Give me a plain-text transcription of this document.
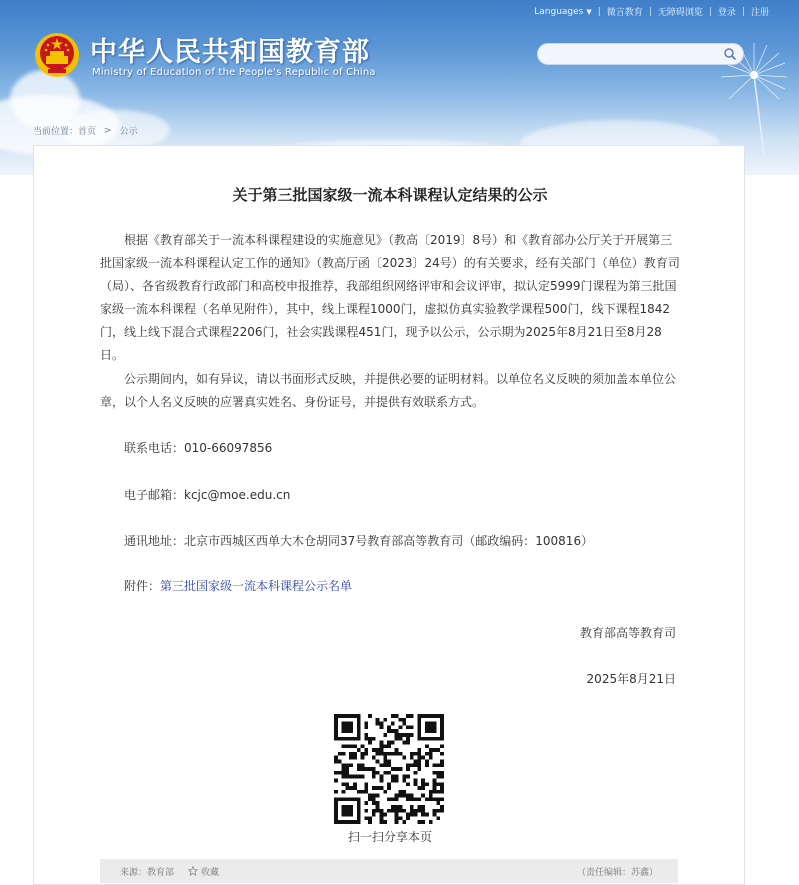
Languages ▼ | 微言教育 | 无障碍浏览 | 登录 | 注册
中华人民共和国教育部
Ministry of Education of the People's Republic of China
当前位置： 首页 > 公示
关于第三批国家级一流本科课程认定结果的公示

根据《教育部关于一流本科课程建设的实施意见》（教高〔2019〕8号）和《教育部办公厅关于开展第三批国家级一流本科课程认定工作的通知》（教高厅函〔2023〕24号）的有关要求，经有关部门（单位）教育司（局）、各省级教育行政部门和高校申报推荐，我部组织网络评审和会议评审，拟认定5999门课程为第三批国家级一流本科课程（名单见附件），其中，线上课程1000门，虚拟仿真实验教学课程500门，线下课程1842门，线上线下混合式课程2206门，社会实践课程451门，现予以公示，公示期为2025年8月21日至8月28日。

公示期间内，如有异议，请以书面形式反映，并提供必要的证明材料。以单位名义反映的须加盖本单位公章，以个人名义反映的应署真实姓名、身份证号，并提供有效联系方式。

联系电话：010-66097856
电子邮箱：kcjc@moe.edu.cn
通讯地址：北京市西城区西单大木仓胡同37号教育部高等教育司（邮政编码：100816）
附件：第三批国家级一流本科课程公示名单
教育部高等教育司
2025年8月21日
扫一扫分享本页
来源：教育部	收藏	（责任编辑：苏鑫）
